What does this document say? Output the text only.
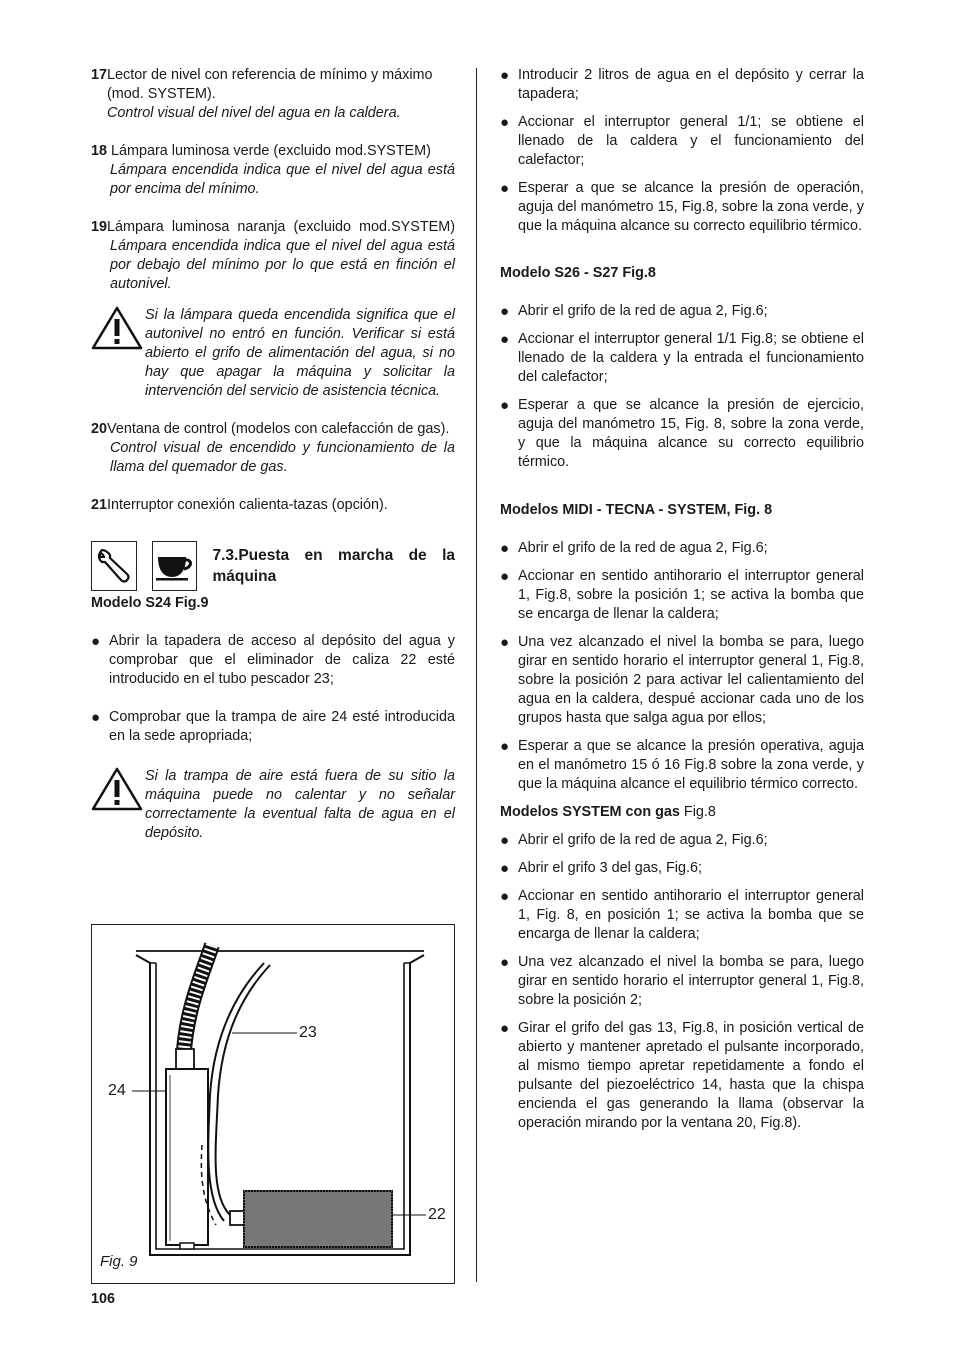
17 Lector de nivel con referencia de mínimo y máximo (mod. SYSTEM).
Control visual del nivel del agua en la caldera.
18 Lámpara luminosa verde (excluido mod.SYSTEM)
Lámpara encendida indica que el nivel del agua está por encima del mínimo.
19 Lámpara luminosa naranja (excluido mod.SYSTEM)
Lámpara encendida indica que el nivel del agua está por debajo del mínimo por lo que está en finción el autonivel.
Si la lámpara queda encendida significa que el autonivel no entró en función. Verificar si está abierto el grifo de alimentación del agua, si no hay que apagar la máquina y solicitar la intervención del servicio de asistencia técnica.
20 Ventana de control (modelos con calefacción de gas).
Control visual de encendido y funcionamiento de la llama del quemador de gas.
21 Interruptor conexión calienta-tazas (opción).
7.3.Puesta en marcha de la máquina
Modelo S24 Fig.9
● Abrir la tapadera de acceso al depósito del agua y comprobar que el eliminador de caliza 22 esté introducido en el tubo pescador 23;
● Comprobar que la trampa de aire 24 esté introducida en la sede apropriada;
Si la trampa de aire está fuera de su sitio la máquina puede no calentar y no señalar correctamente la eventual falta de agua en el depósito.
23
24
22
Fig. 9
● Introducir 2 litros de agua en el depósito y cerrar la tapadera;
● Accionar el interruptor general 1/1; se obtiene el llenado de la caldera y el funcionamiento del calefactor;
● Esperar a que se alcance la presión de operación, aguja del manómetro 15, Fig.8, sobre la zona verde, y que la máquina alcance su correcto equilibrio térmico.
Modelo S26 - S27 Fig.8
● Abrir el grifo de la red de agua 2, Fig.6;
● Accionar el interruptor general 1/1 Fig.8; se obtiene el llenado de la caldera y la entrada el funcionamiento del calefactor;
● Esperar a que se alcance la presión de ejercicio, aguja del manómetro 15, Fig. 8, sobre la zona verde, y que la máquina alcance su correcto equilibrio térmico.
Modelos MIDI - TECNA - SYSTEM, Fig. 8
● Abrir el grifo de la red de agua 2, Fig.6;
● Accionar en sentido antihorario el interruptor general 1, Fig.8, sobre la posición 1; se activa la bomba que se encarga de llenar la caldera;
● Una vez alcanzado el nivel la bomba se para, luego girar en sentido horario el interruptor general 1, Fig.8, sobre la posición 2 para activar lel calientamiento del agua en la caldera, despué accionar cada uno de los grupos hasta que salga agua por ellos;
● Esperar a que se alcance la presión operativa, aguja en el manómetro 15 ó 16 Fig.8 sobre la zona verde, y que la máquina alcance el equilibrio térmico correcto.
Modelos SYSTEM con gas Fig.8
● Abrir el grifo de la red de agua 2, Fig.6;
● Abrir el grifo 3 del gas, Fig.6;
● Accionar en sentido antihorario el interruptor general 1, Fig. 8, en posición 1; se activa la bomba que se encarga de llenar la caldera;
● Una vez alcanzado el nivel la bomba se para, luego girar en sentido horario el interruptor general 1, Fig.8, sobre la posición 2;
● Girar el grifo del gas 13, Fig.8, in posición vertical de abierto y mantener apretado el pulsante incorporado, al mismo tiempo apretar repetidamente a fondo el pulsante del piezoeléctrico 14, hasta que la chispa encienda el gas generando la llama (observar la operación mirando por la ventana 20, Fig.8).
106
